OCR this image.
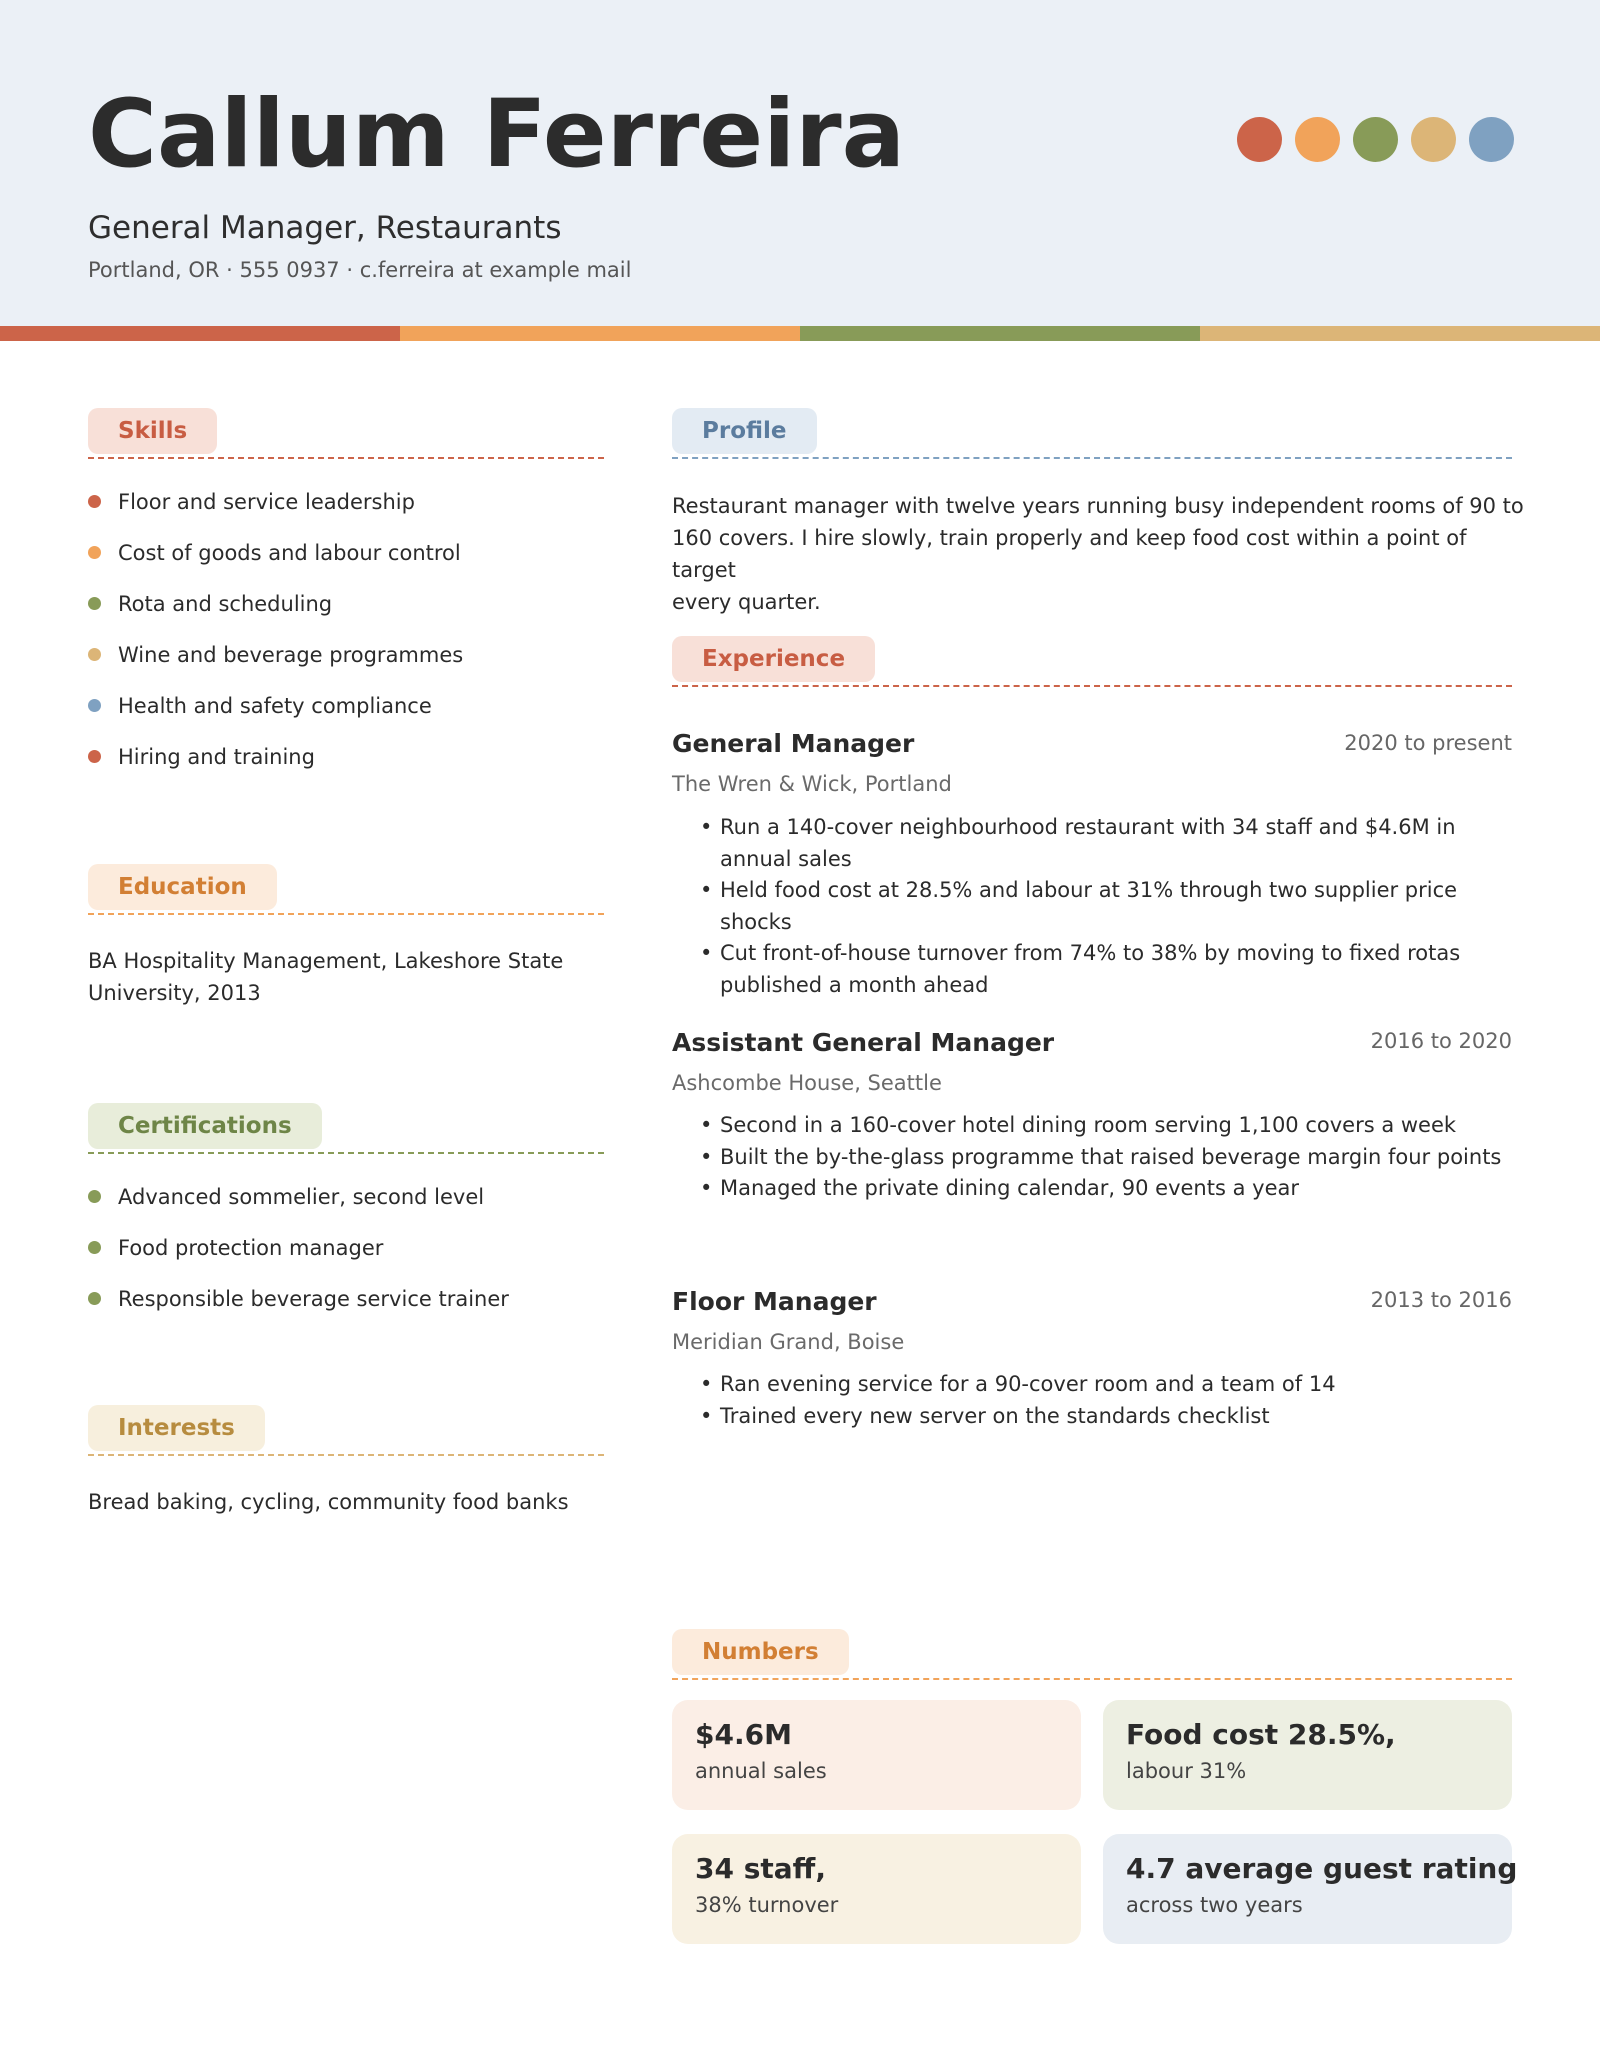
Callum Ferreira
General Manager, Restaurants
Portland, OR · 555 0937 · c.ferreira at example mail
Skills
Floor and service leadership
Cost of goods and labour control
Rota and scheduling
Wine and beverage programmes
Health and safety compliance
Hiring and training
Education
BA Hospitality Management, Lakeshore State
University, 2013
Certifications
Advanced sommelier, second level
Food protection manager
Responsible beverage service trainer
Interests
Bread baking, cycling, community food banks
Profile
Restaurant manager with twelve years running busy independent rooms of 90 to
160 covers. I hire slowly, train properly and keep food cost within a point of target
every quarter.
Experience
General Manager	2020 to present
The Wren & Wick, Portland
• Run a 140-cover neighbourhood restaurant with 34 staff and $4.6M in annual sales
• Held food cost at 28.5% and labour at 31% through two supplier price shocks
• Cut front-of-house turnover from 74% to 38% by moving to fixed rotas published a month ahead
Assistant General Manager	2016 to 2020
Ashcombe House, Seattle
• Second in a 160-cover hotel dining room serving 1,100 covers a week
• Built the by-the-glass programme that raised beverage margin four points
• Managed the private dining calendar, 90 events a year
Floor Manager	2013 to 2016
Meridian Grand, Boise
• Ran evening service for a 90-cover room and a team of 14
• Trained every new server on the standards checklist
Numbers
$4.6M
annual sales
Food cost 28.5%,
labour 31%
34 staff,
38% turnover
4.7 average guest rating
across two years
